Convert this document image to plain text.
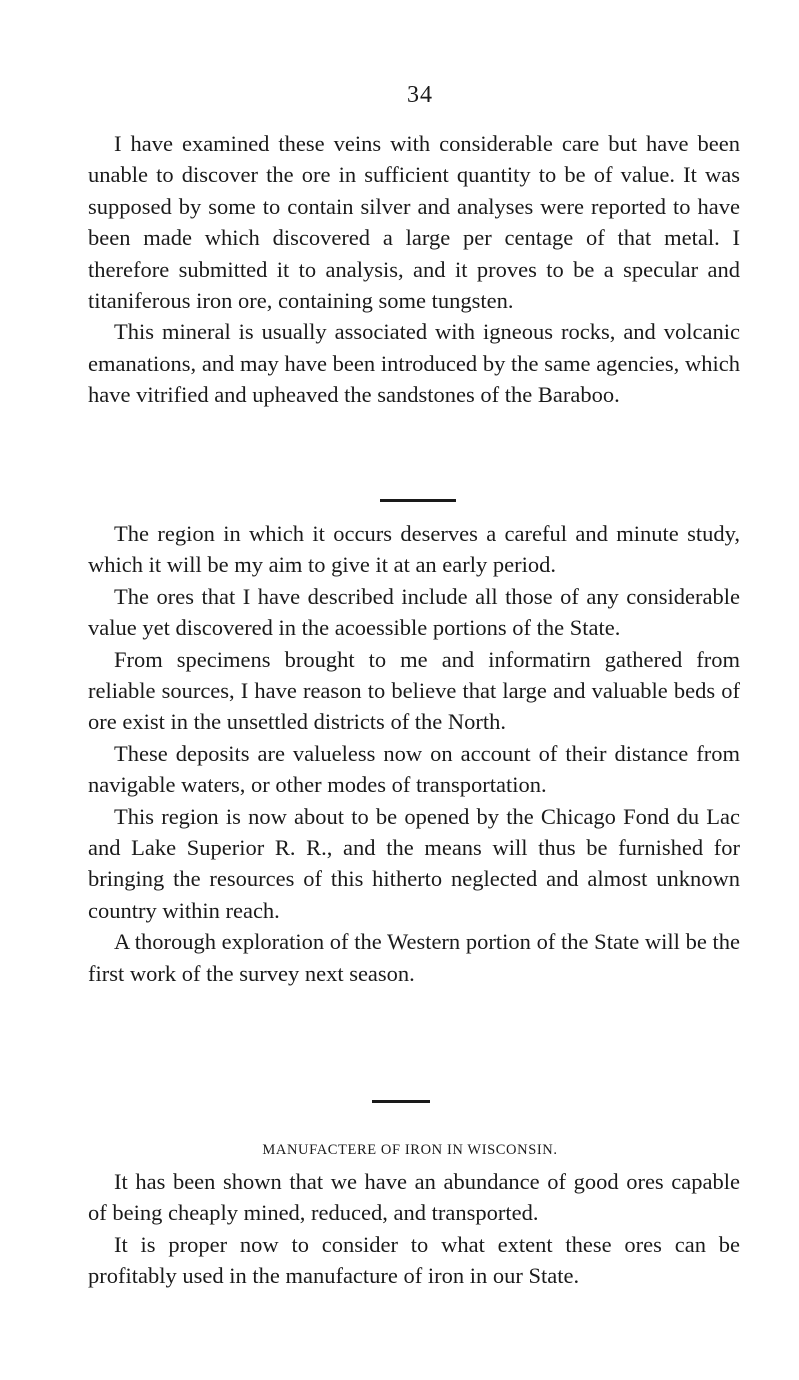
34

I have examined these veins with considerable care but have been unable to discover the ore in sufficient quantity to be of value. It was supposed by some to contain silver and analyses were reported to have been made which discovered a large per centage of that metal. I therefore submitted it to analysis, and it proves to be a specular and titaniferous iron ore, containing some tungsten.

This mineral is usually associated with igneous rocks, and volcanic emanations, and may have been introduced by the same agencies, which have vitrified and upheaved the sandstones of the Baraboo.

The region in which it occurs deserves a careful and minute study, which it will be my aim to give it at an early period.

The ores that I have described include all those of any considerable value yet discovered in the acoessible portions of the State.

From specimens brought to me and informatirn gathered from reliable sources, I have reason to believe that large and valuable beds of ore exist in the unsettled districts of the North.

These deposits are valueless now on account of their distance from navigable waters, or other modes of transportation.

This region is now about to be opened by the Chicago Fond du Lac and Lake Superior R. R., and the means will thus be furnished for bringing the resources of this hitherto neglected and almost unknown country within reach.

A thorough exploration of the Western portion of the State will be the first work of the survey next season.

MANUFACTERE OF IRON IN WISCONSIN.

It has been shown that we have an abundance of good ores capable of being cheaply mined, reduced, and transported.

It is proper now to consider to what extent these ores can be profitably used in the manufacture of iron in our State.
